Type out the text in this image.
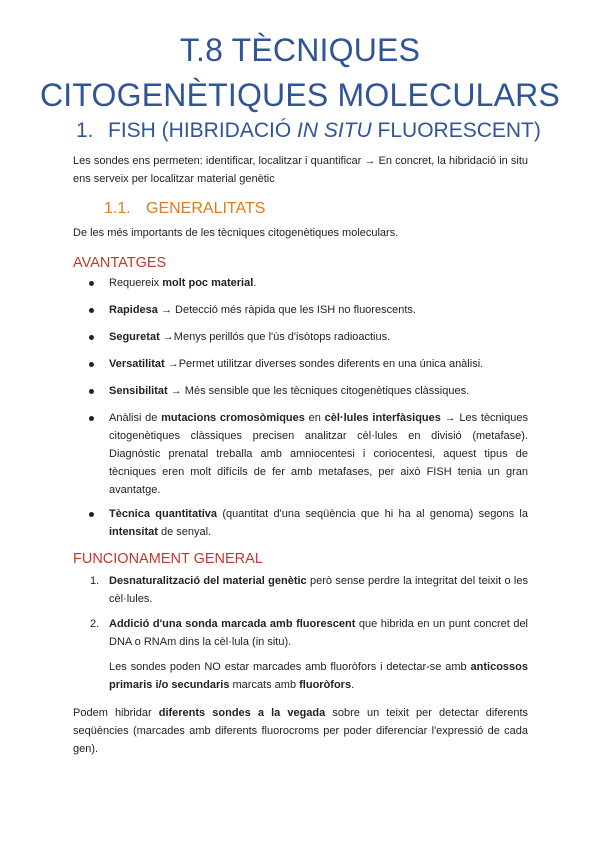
T.8 TÈCNIQUES
CITOGENÈTIQUES MOLECULARS
1. FISH (HIBRIDACIÓ IN SITU FLUORESCENT)
Les sondes ens permeten: identificar, localitzar i quantificar → En concret, la hibridació in situ ens serveix per localitzar material genètic
1.1. GENERALITATS
De les més importants de les tècniques citogenètiques moleculars.
AVANTATGES
Requereix molt poc material.
Rapidesa → Detecció més ràpida que les ISH no fluorescents.
Seguretat →Menys perillós que l'ús d'isòtops radioactius.
Versatilitat →Permet utilitzar diverses sondes diferents en una única anàlisi.
Sensibilitat → Més sensible que les tècniques citogenètiques clàssiques.
Anàlisi de mutacions cromosòmiques en cèl·lules interfàsiques → Les tècniques citogenètiques clàssiques precisen analitzar cèl·lules en divisió (metafase). Diagnòstic prenatal treballa amb amniocentesi i coriocentesi, aquest tipus de tècniques eren molt difícils de fer amb metafases, per això FISH tenia un gran avantatge.
Tècnica quantitativa (quantitat d'una seqüència que hi ha al genoma) segons la intensitat de senyal.
FUNCIONAMENT GENERAL
1. Desnaturalització del material genètic però sense perdre la integritat del teixit o les cèl·lules.
2. Addició d'una sonda marcada amb fluorescent que hibrida en un punt concret del DNA o RNAm dins la cèl·lula (in situ).
Les sondes poden NO estar marcades amb fluoròfors i detectar-se amb anticossos primaris i/o secundaris marcats amb fluoròfors.
Podem hibridar diferents sondes a la vegada sobre un teixit per detectar diferents seqüències (marcades amb diferents fluorocroms per poder diferenciar l'expressió de cada gen).
